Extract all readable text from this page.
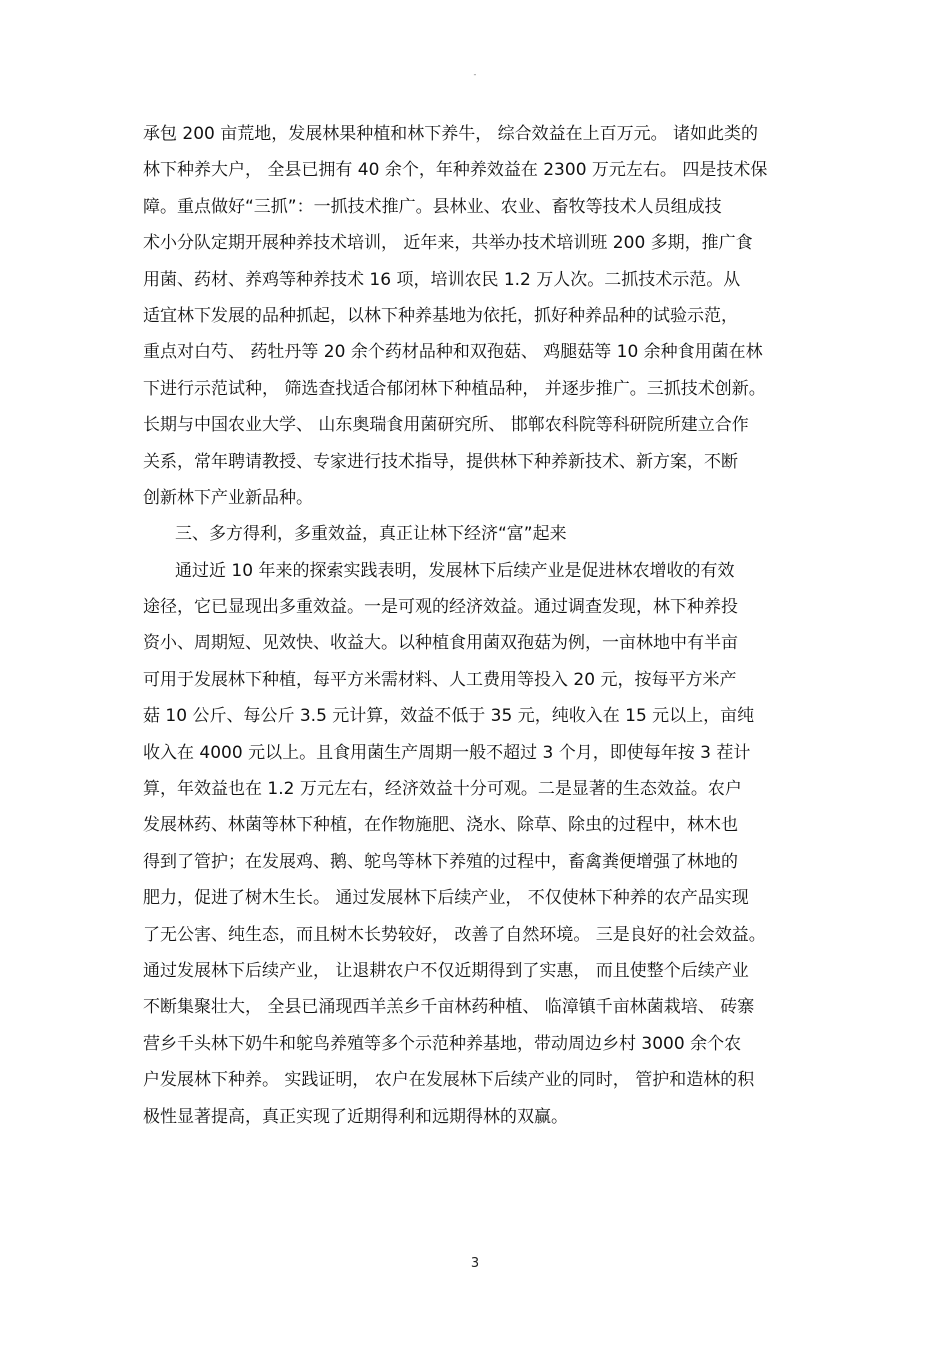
-
承包 200 亩荒地，发展林果种植和林下养牛， 综合效益在上百万元。 诸如此类的
林下种养大户， 全县已拥有 40 余个，年种养效益在 2300 万元左右。 四是技术保
障。重点做好“三抓”：一抓技术推广。县林业、农业、畜牧等技术人员组成技
术小分队定期开展种养技术培训， 近年来，共举办技术培训班 200 多期，推广食
用菌、药材、养鸡等种养技术 16 项，培训农民 1.2 万人次。二抓技术示范。从
适宜林下发展的品种抓起，以林下种养基地为依托，抓好种养品种的试验示范，
重点对白芍、 药牡丹等 20 余个药材品种和双孢菇、 鸡腿菇等 10 余种食用菌在林
下进行示范试种， 筛选查找适合郁闭林下种植品种， 并逐步推广。三抓技术创新。
长期与中国农业大学、 山东奥瑞食用菌研究所、 邯郸农科院等科研院所建立合作
关系，常年聘请教授、专家进行技术指导，提供林下种养新技术、新方案，不断
创新林下产业新品种。
三、多方得利，多重效益，真正让林下经济“富”起来
通过近 10 年来的探索实践表明，发展林下后续产业是促进林农增收的有效
途径，它已显现出多重效益。一是可观的经济效益。通过调查发现，林下种养投
资小、周期短、见效快、收益大。以种植食用菌双孢菇为例，一亩林地中有半亩
可用于发展林下种植，每平方米需材料、人工费用等投入 20 元，按每平方米产
菇 10 公斤、每公斤 3.5 元计算，效益不低于 35 元，纯收入在 15 元以上，亩纯
收入在 4000 元以上。且食用菌生产周期一般不超过 3 个月，即使每年按 3 茬计
算，年效益也在 1.2 万元左右，经济效益十分可观。二是显著的生态效益。农户
发展林药、林菌等林下种植，在作物施肥、浇水、除草、除虫的过程中，林木也
得到了管护；在发展鸡、鹅、鸵鸟等林下养殖的过程中，畜禽粪便增强了林地的
肥力，促进了树木生长。 通过发展林下后续产业， 不仅使林下种养的农产品实现
了无公害、纯生态，而且树木长势较好， 改善了自然环境。 三是良好的社会效益。
通过发展林下后续产业， 让退耕农户不仅近期得到了实惠， 而且使整个后续产业
不断集聚壮大， 全县已涌现西羊羔乡千亩林药种植、 临漳镇千亩林菌栽培、 砖寨
营乡千头林下奶牛和鸵鸟养殖等多个示范种养基地，带动周边乡村 3000 余个农
户发展林下种养。 实践证明， 农户在发展林下后续产业的同时， 管护和造林的积
极性显著提高，真正实现了近期得利和远期得林的双赢。
3
